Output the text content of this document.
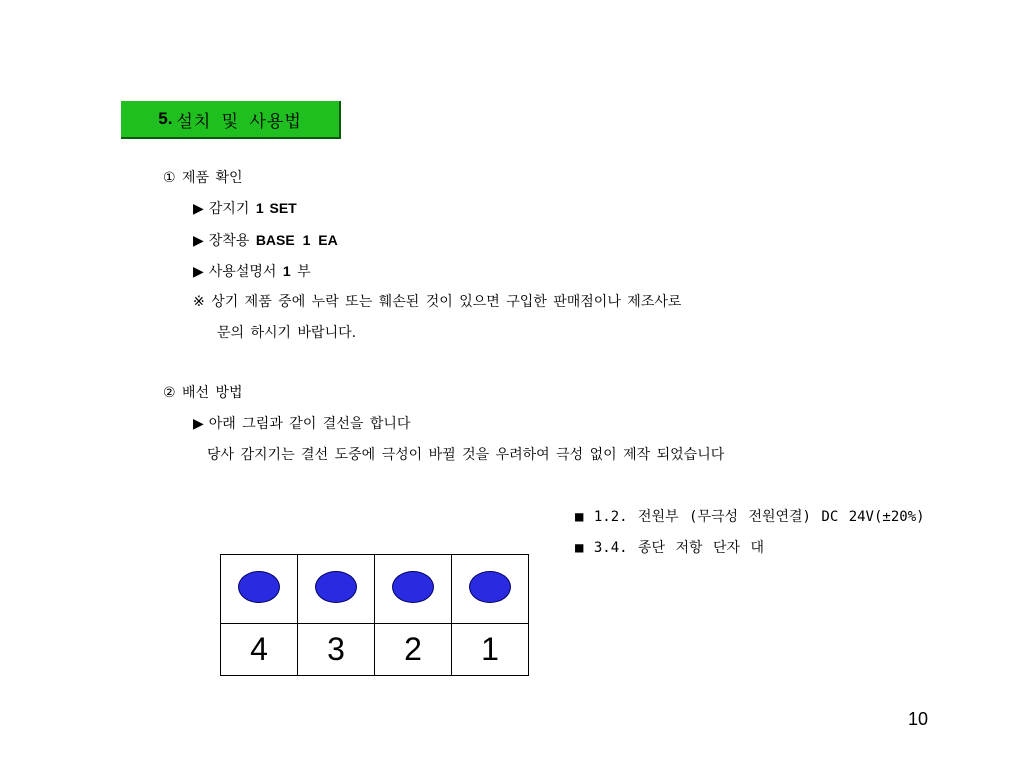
5. 설치 및 사용법
① 제품 확인
▶ 감지기 1 SET
▶ 장착용 BASE 1 EA
▶ 사용설명서 1 부
※ 상기 제품 중에 누락 또는 훼손된 것이 있으면 구입한 판매점이나 제조사로
문의 하시기 바랍니다.
② 배선 방법
▶ 아래 그림과 같이 결선을 합니다
당사 감지기는 결선 도중에 극성이 바뀔 것을 우려하여 극성 없이 제작 되었습니다
■ 1.2. 전원부 (무극성 전원연결) DC 24V(±20%)
■ 3.4. 종단 저항 단자 대

4	3	2	1
10
